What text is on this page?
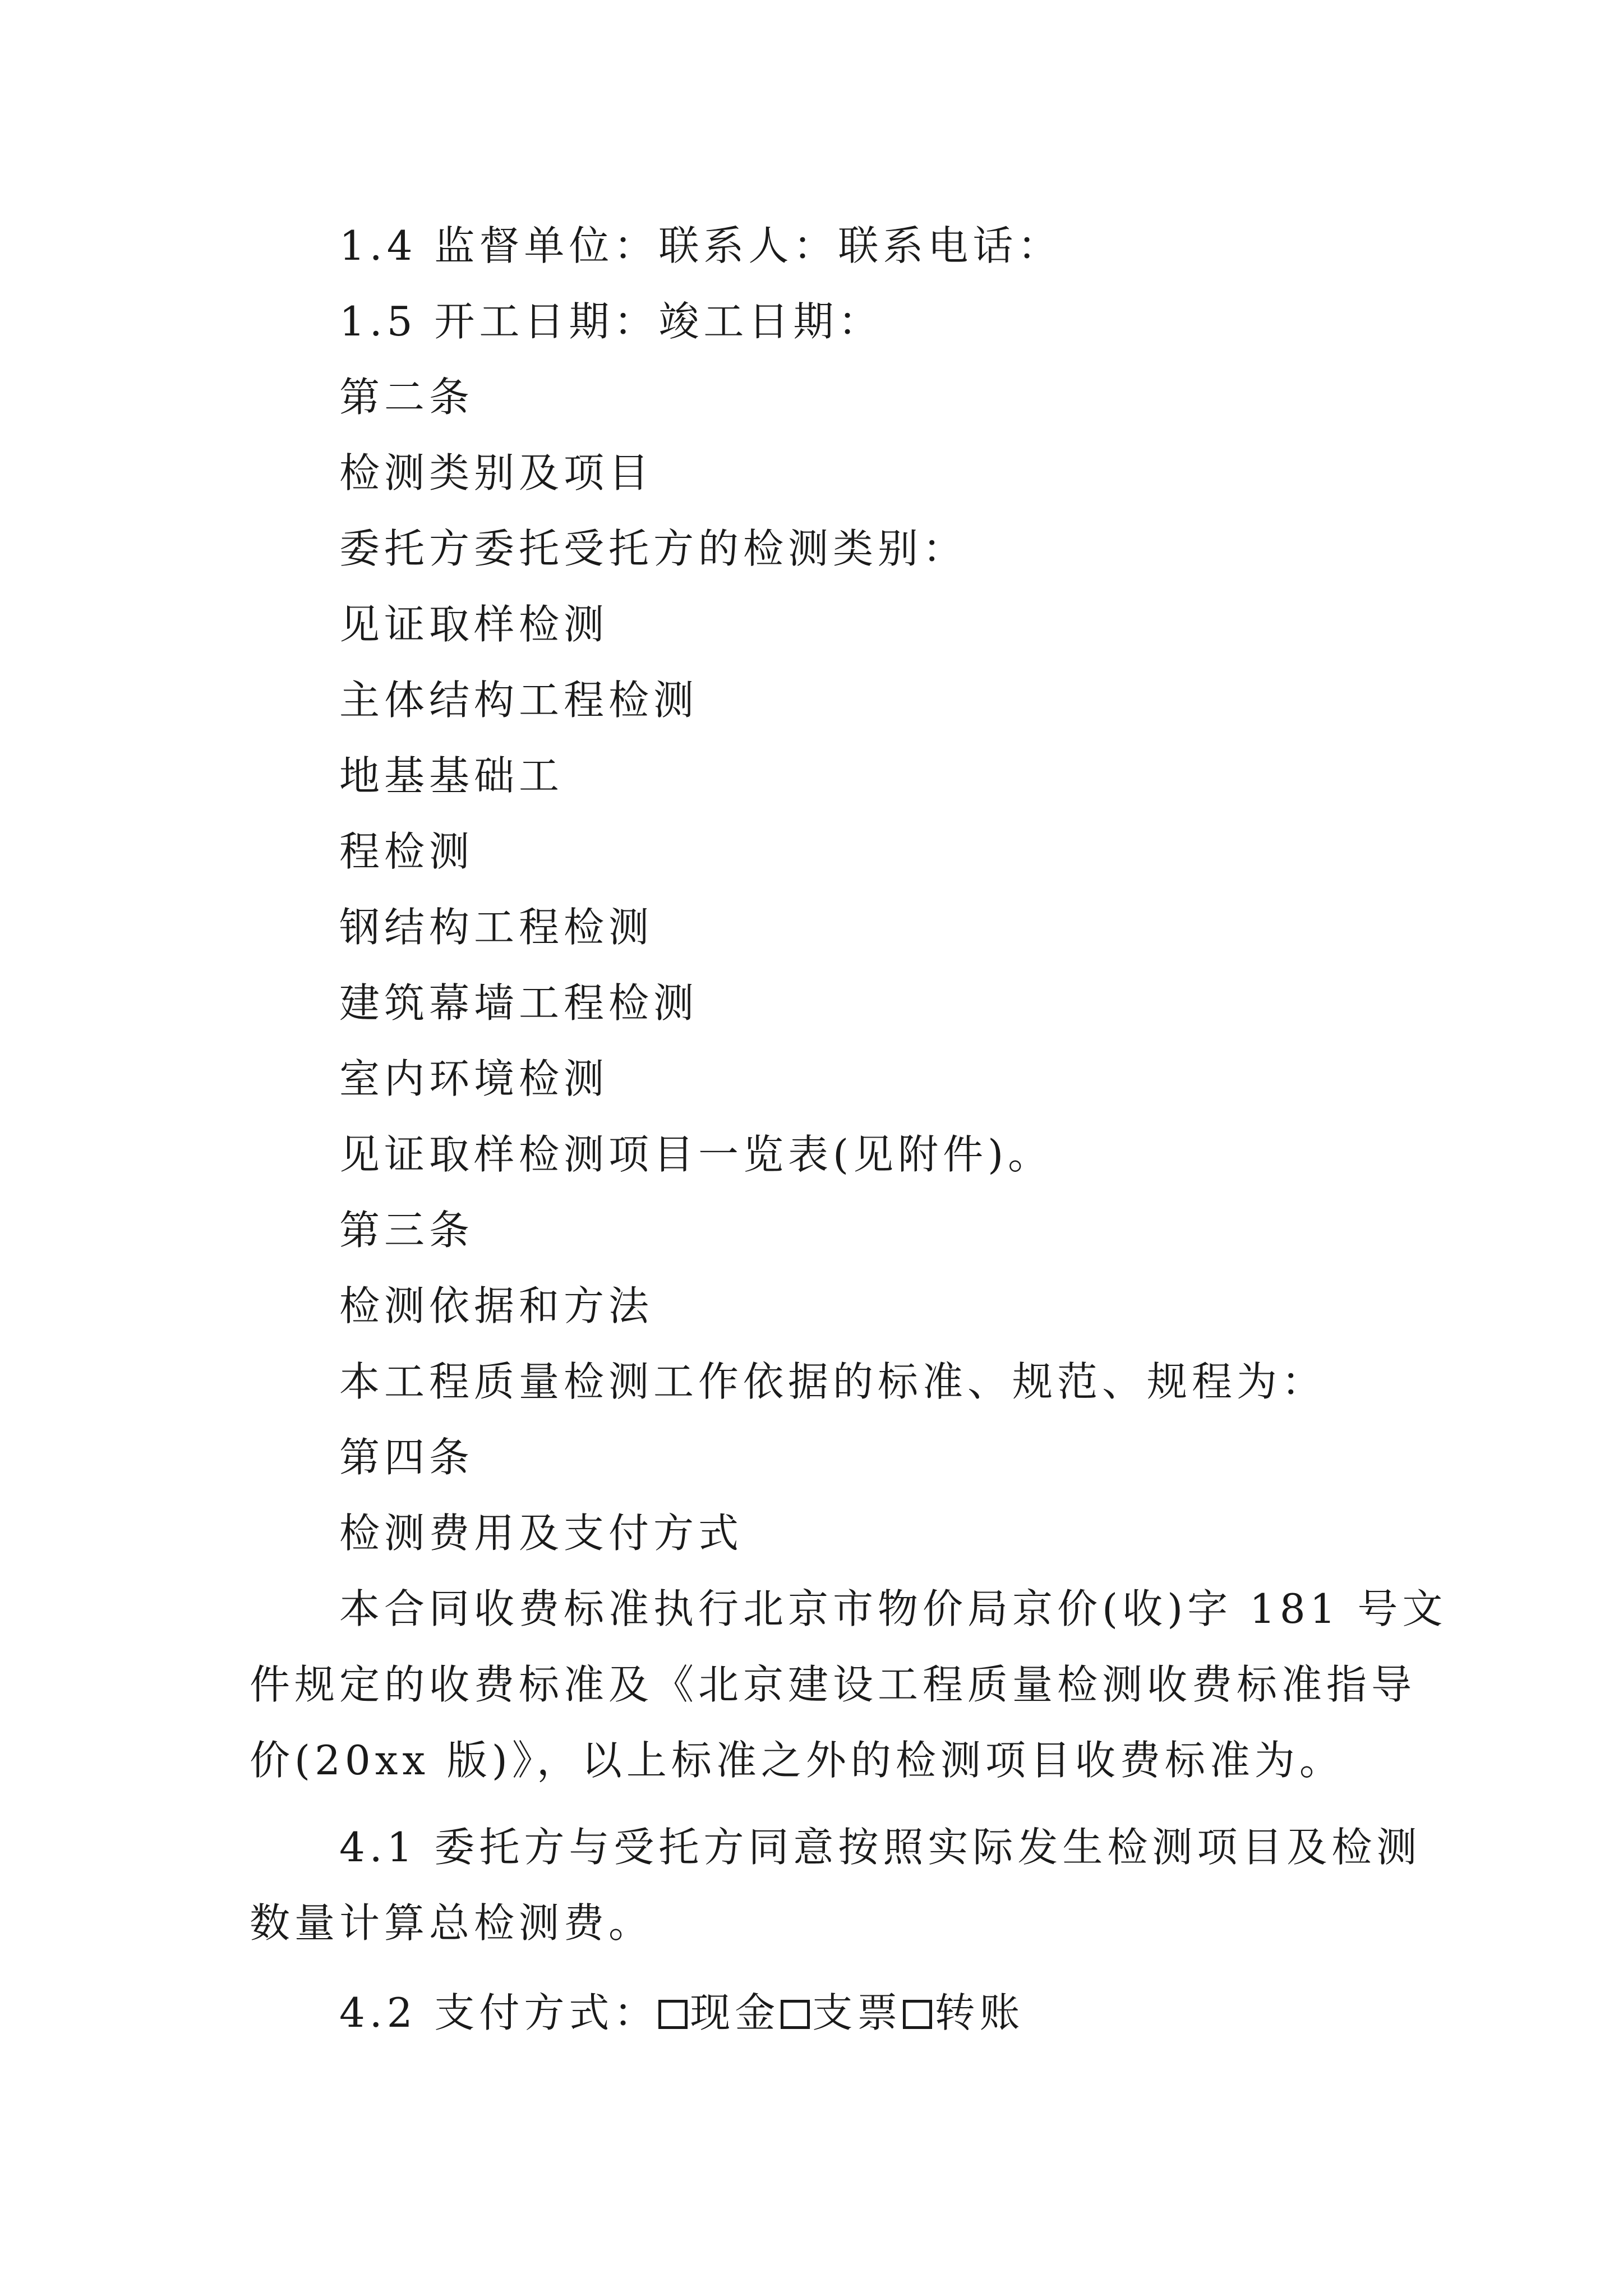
1.4 监督单位：联系人：联系电话：
1.5 开工日期：竣工日期：
第二条
检测类别及项目
委托方委托受托方的检测类别：
见证取样检测
主体结构工程检测
地基基础工
程检测
钢结构工程检测
建筑幕墙工程检测
室内环境检测
见证取样检测项目一览表(见附件)。
第三条
检测依据和方法
本工程质量检测工作依据的标准、规范、规程为：
第四条
检测费用及支付方式
本合同收费标准执行北京市物价局京价(收)字 181 号文
件规定的收费标准及《北京建设工程质量检测收费标准指导
价(20xx 版)》，以上标准之外的检测项目收费标准为。
4.1 委托方与受托方同意按照实际发生检测项目及检测
数量计算总检测费。
4.2 支付方式： 现金 支票 转账
